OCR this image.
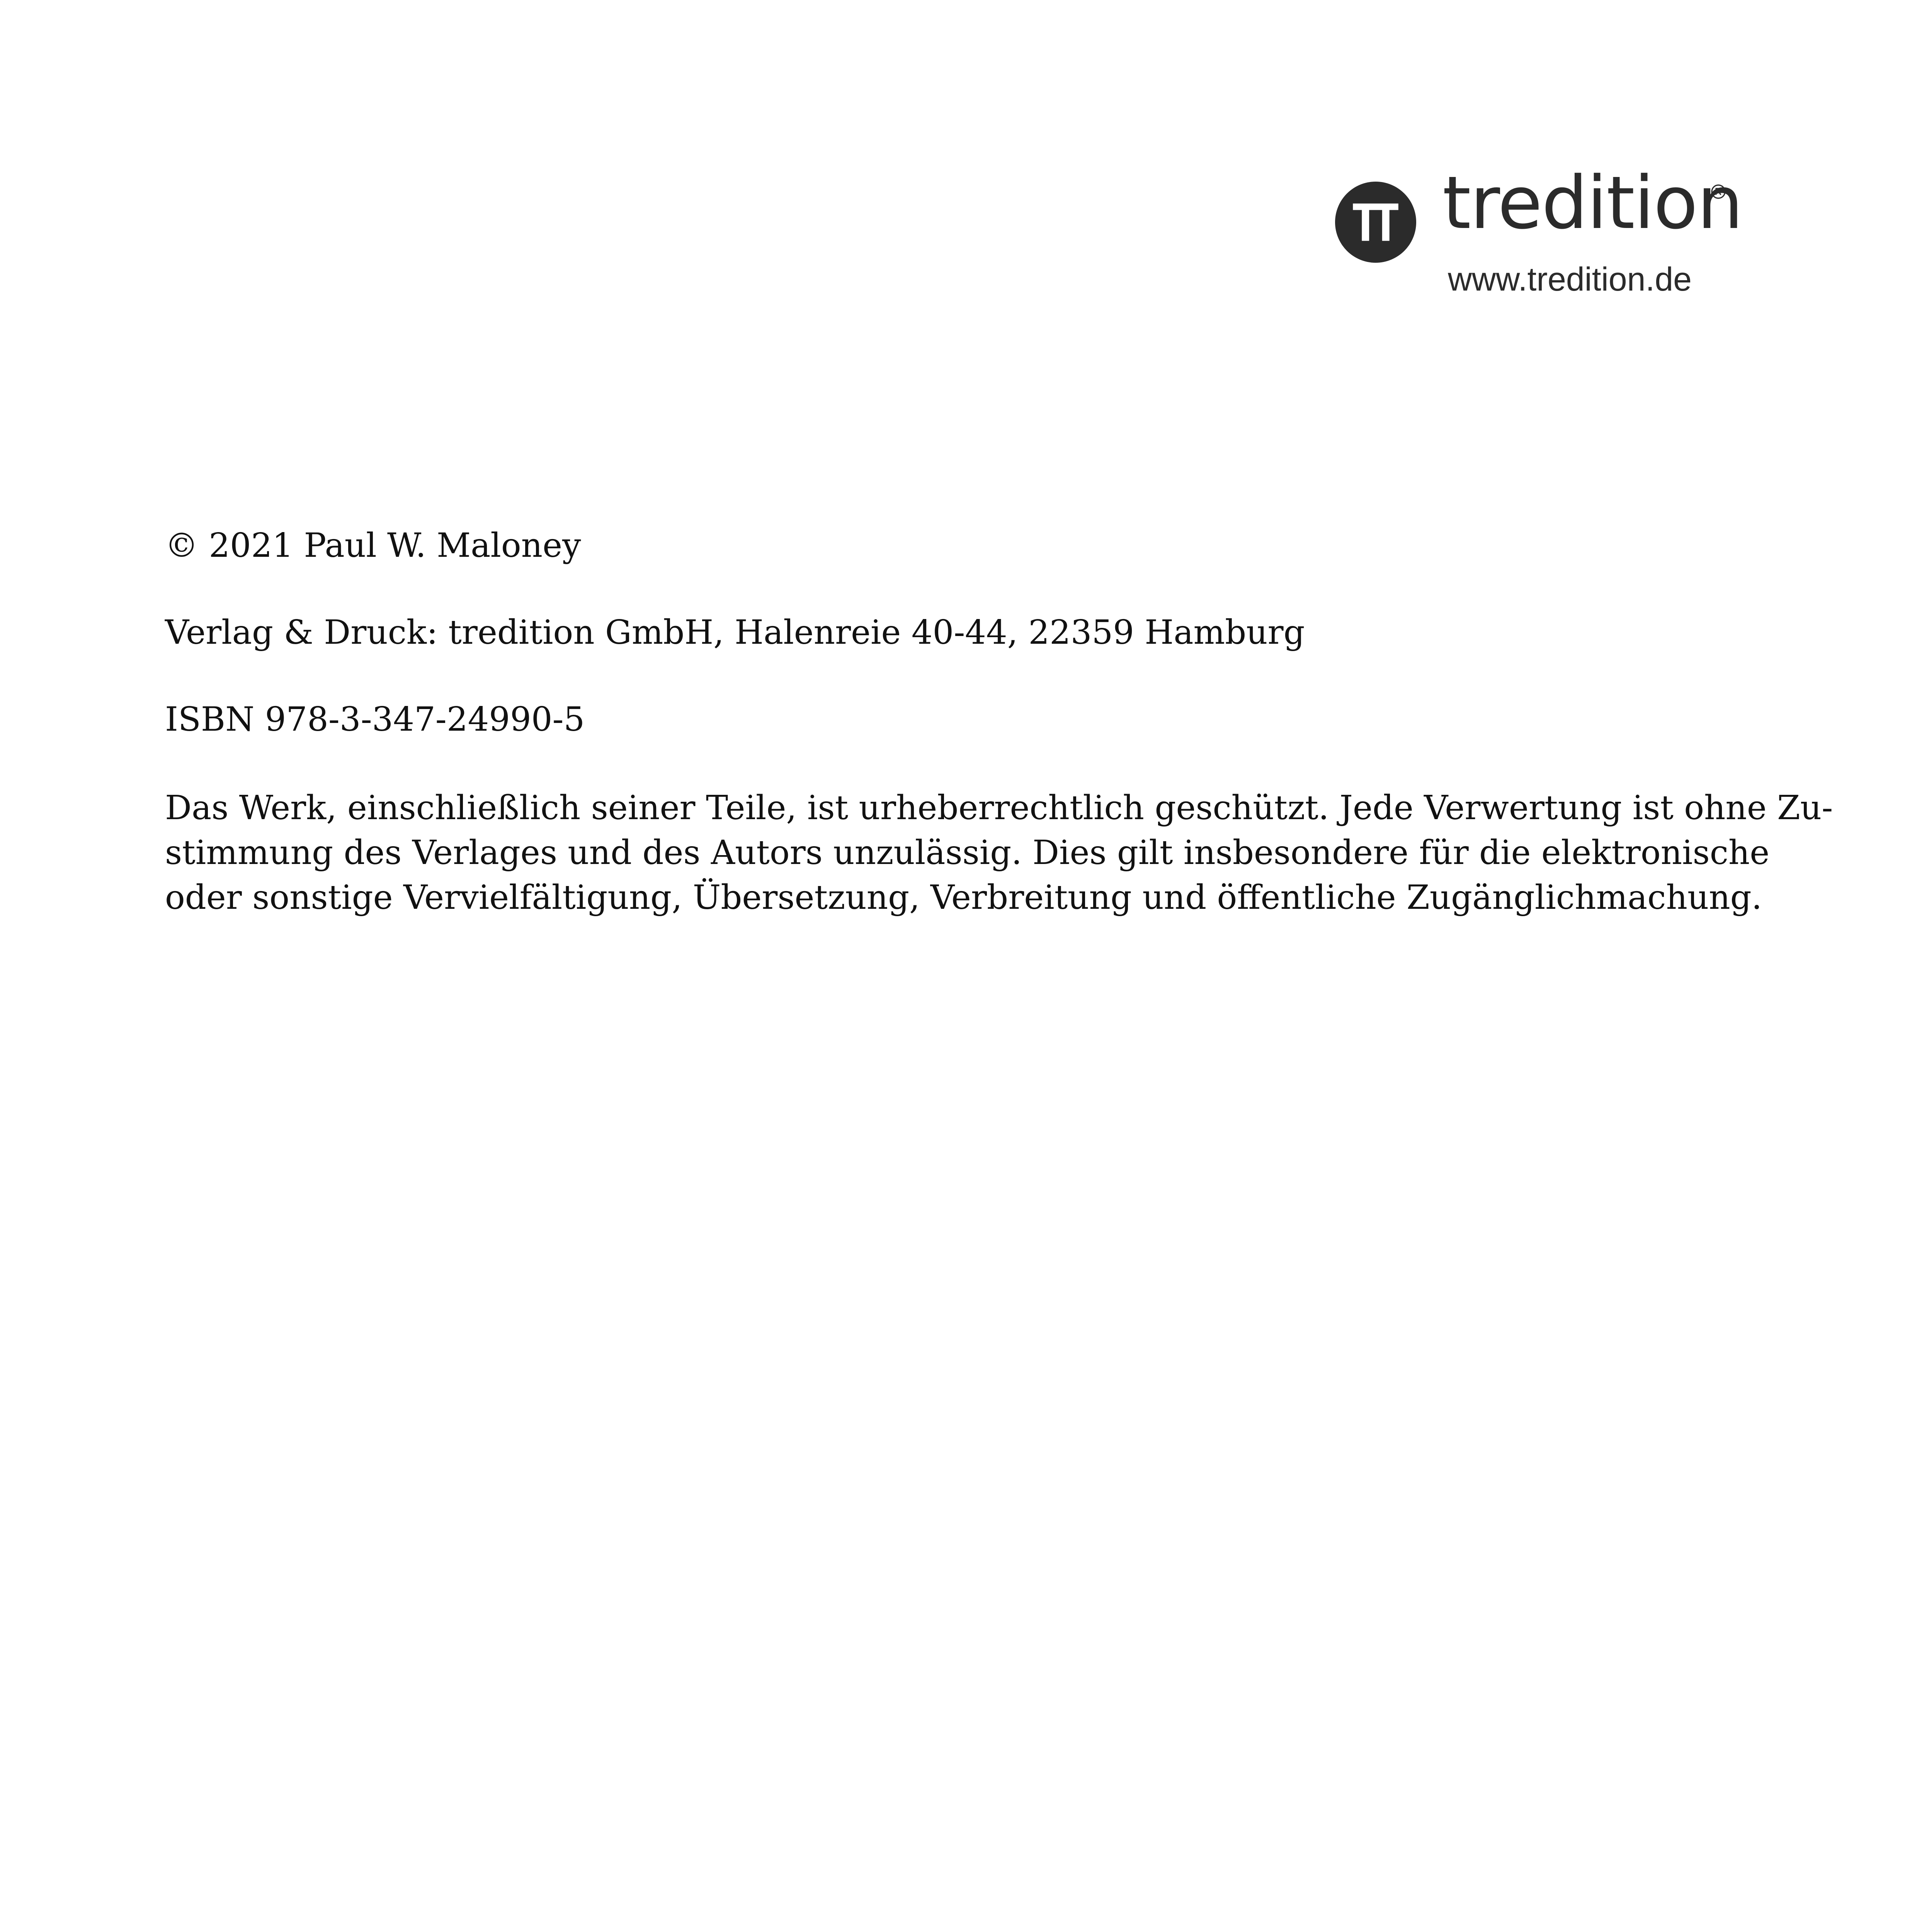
tredition
www.tredition.de

© 2021 Paul W. Maloney

Verlag & Druck: tredition GmbH, Halenreie 40-44, 22359 Hamburg

ISBN 978-3-347-24990-5

Das Werk, einschließlich seiner Teile, ist urheberrechtlich geschützt. Jede Verwertung ist ohne Zu-
stimmung des Verlages und des Autors unzulässig. Dies gilt insbesondere für die elektronische
oder sonstige Vervielfältigung, Übersetzung, Verbreitung und öffentliche Zugänglichmachung.
